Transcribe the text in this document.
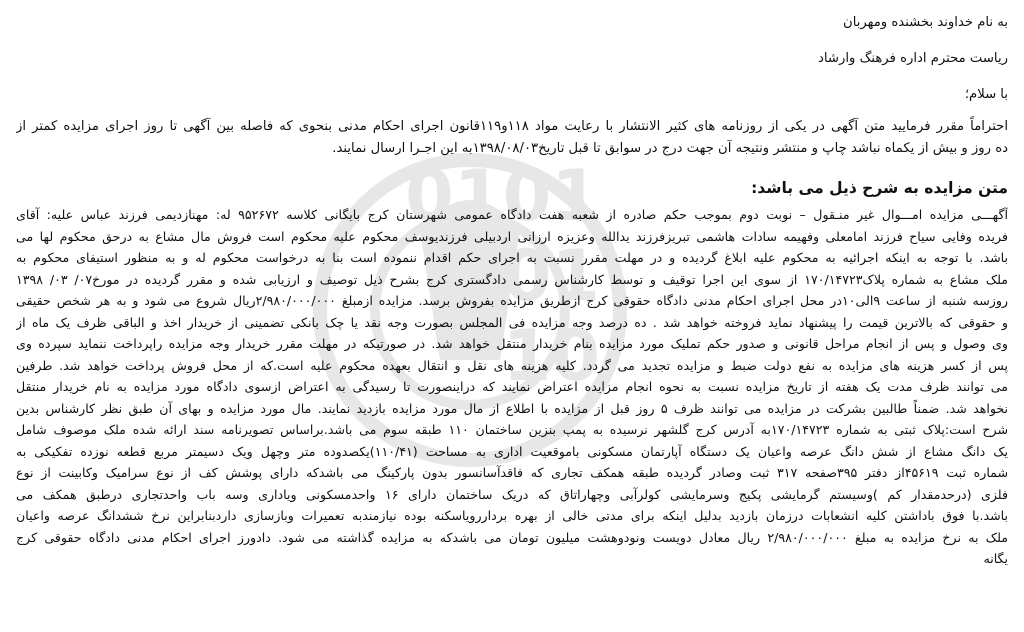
0101
001
10
به نام خداوند بخشنده ومهربان
ریاست محترم اداره فرهنگ وارشاد
با سلام؛
احتراماً مقرر فرمایید متن آگهی در یکی از روزنامه های کثیر الانتشار با رعایت مواد ۱۱۸و۱۱۹قانون اجرای احکام مدنی بنحوی که فاصله بین آگهی تا روز اجرای مزایده کمتر از
ده روز و بیش از یکماه نباشد چاپ و منتشر ونتیجه آن جهت درج در سوابق تا قبل تاریخ۱۳۹۸/۰۸/۰۳به این اجـرا ارسال نمایند.
متن مزایده به شرح ذیل می باشد:
آگهـــی مزایده امـــوال غیر منـقول – نوبت دوم بموجب حکم صادره از شعبه هفت دادگاه عمومی شهرستان کرج بایگانی کلاسه ۹۵۲۶۷۲ له: مهنازدیمی فرزند عباس علیه: آقای
فریده وفایی سیاح فرزند امامعلی وفهیمه سادات هاشمی تبریزفرزند یدالله وعزیزه ارزانی اردبیلی فرزندیوسف محکوم علیه محکوم است فروش مال مشاع به درحق محکوم لها می
باشد. با توجه به اینکه اجرائیه به محکوم علیه ابلاغ گردیده و در مهلت مقرر نسبت به اجرای حکم اقدام ننموده است بنا به درخواست محکوم له و به منظور استیفای محکوم به
ملک مشاع به شماره پلاک۱۷۰/۱۴۷۲۳ از سوی این اجرا توقیف و توسط کارشناس رسمی دادگستری کرج بشرح ذیل توصیف و ارزیابی شده و مقرر گردیده در مورخ۰۷/ ۰۳/ ۱۳۹۸
روزسه شنبه از ساعت ۹الی۱۰در محل اجرای احکام مدنی دادگاه حقوقی کرج ازطریق مزایده بفروش برسد. مزایده ازمبلغ ۲/۹۸۰/۰۰۰/۰۰۰ریال شروع می شود و به هر شخص حقیقی
و حقوقی که بالاترین قیمت را پیشنهاد نماید فروخته خواهد شد . ده درصد وجه مزایده فی المجلس بصورت وجه نقد یا چک بانکی تضمینی از خریدار اخذ و الباقی ظرف یک ماه از
وی وصول و پس از انجام مراحل قانونی و صدور حکم تملیک مورد مزایده بنام خریدار منتقل خواهد شد. در صورتیکه در مهلت مقرر خریدار وجه مزایده راپرداخت ننماید سپرده وی
پس از کسر هزینه های مزایده به نفع دولت ضبط و مزایده تجدید می گردد. کلیه هزینه های نقل و انتقال بعهده محکوم علیه است.که از محل فروش پرداخت خواهد شد. طرفین
می توانند ظرف مدت یک هفته از تاریخ مزایده نسبت به نحوه انجام مزایده اعتراض نمایند که دراینصورت تا رسیدگی به اعتراض ازسوی دادگاه مورد مزایده به نام خریدار منتقل
نخواهد شد. ضمناً طالبین بشرکت در مزایده می توانند ظرف ۵ روز قبل از مزایده با اطلاع از مال مورد مزایده بازدید نمایند. مال مورد مزایده و بهای آن طبق نظر کارشناس بدین
شرح است:پلاک ثبتی به شماره ۱۷۰/۱۴۷۲۳به آدرس کرج گلشهر نرسیده به پمپ بنزین ساختمان ۱۱۰ طبقه سوم می باشد.براساس تصویرنامه سند ارائه شده ملک موصوف شامل
یک دانگ مشاع از شش دانگ عرصه واعیان یک دستگاه آپارتمان مسکونی باموقعیت اداری به مساحت (۱۱۰/۴۱)یکصدوده متر وچهل ویک دسیمتر مربع قطعه نوزده تفکیکی به
شماره ثبت ۴۵۶۱۹از دفتر ۳۹۵صفحه ۳۱۷ ثبت وصادر گردیده طبقه همکف تجاری که فاقدآسانسور بدون پارکینگ می باشدکه دارای پوشش کف از نوع سرامیک وکابینت از نوع
فلزی (درحدمقدار کم )وسیستم گرمایشی پکیج وسرمایشی کولرآبی وچهاراتاق که دریک ساختمان دارای ۱۶ واحدمسکونی ویاداری وسه باب واحدتجاری درطبق همکف می
باشد.با فوق باداشتن کلیه انشعابات درزمان بازدید بدلیل اینکه برای مدتی خالی از بهره برداررویاسکنه بوده نیازمندبه تعمیرات وبازسازی داردبنابراین نرخ ششدانگ عرصه واعیان
ملک به نرخ مزایده به مبلغ ۲/۹۸۰/۰۰۰/۰۰۰ ریال معادل دویست ونودوهشت میلیون تومان می باشدکه به مزایده گذاشته می شود. دادورز اجرای احکام مدنی دادگاه حقوقی کرج
یگانه
